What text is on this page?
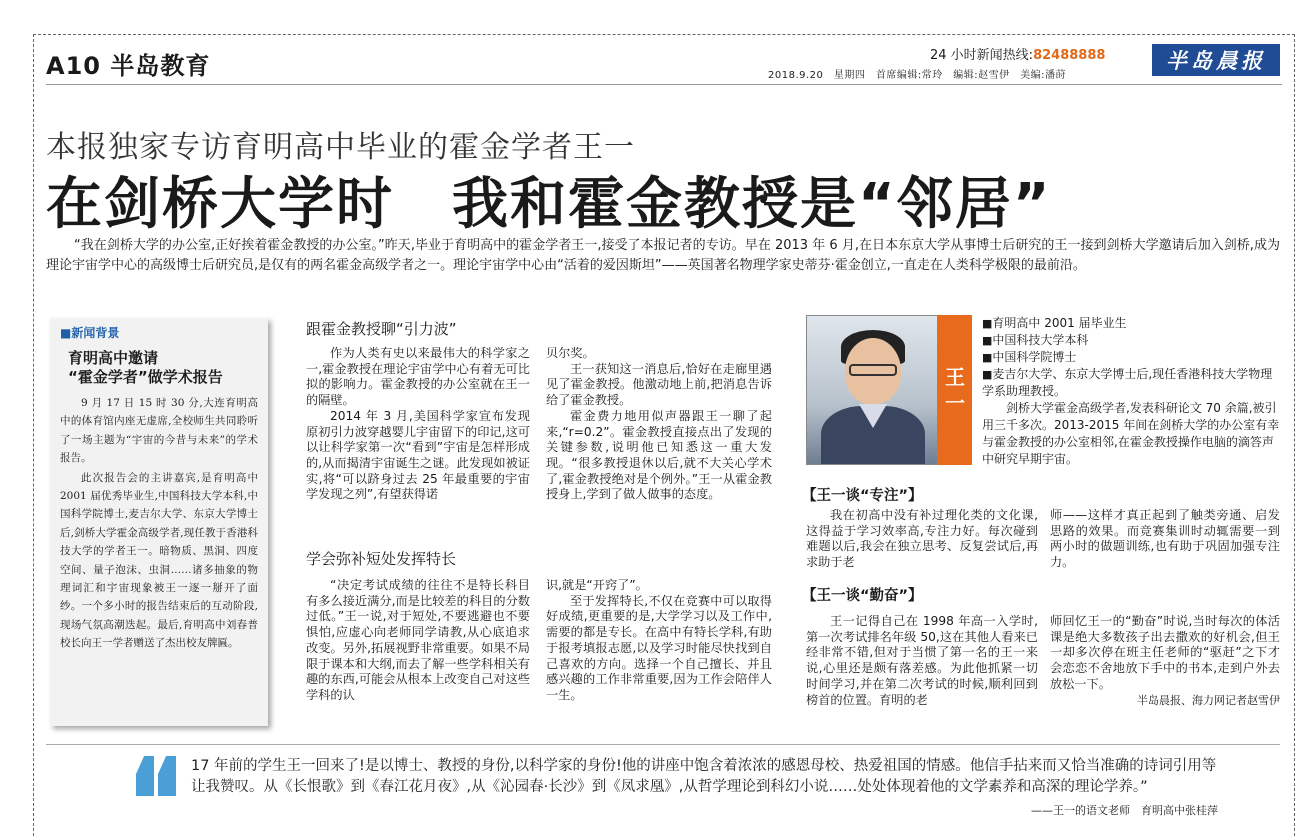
A10 半岛教育	24 小时新闻热线:82488888
2018.9.20　星期四　首席编辑:常玲　编辑:赵雪伊　美编:潘莳
半岛晨报
本报独家专访育明高中毕业的霍金学者王一
在剑桥大学时　我和霍金教授是“邻居”
“我在剑桥大学的办公室,正好挨着霍金教授的办公室。”昨天,毕业于育明高中的霍金学者王一,接受了本报记者的专访。早在 2013 年 6 月,在日本东京大学从事博士后研究的王一接到剑桥大学邀请后加入剑桥,成为理论宇宙学中心的高级博士后研究员,是仅有的两名霍金高级学者之一。理论宇宙学中心由“活着的爱因斯坦”——英国著名物理学家史蒂芬·霍金创立,一直走在人类科学极限的最前沿。
■新闻背景
育明高中邀请
“霍金学者”做学术报告

9 月 17 日 15 时 30 分,大连育明高中的体育馆内座无虚席,全校师生共同聆听了一场主题为“宇宙的今昔与未来”的学术报告。

此次报告会的主讲嘉宾,是育明高中 2001 届优秀毕业生,中国科技大学本科,中国科学院博士,麦吉尔大学、东京大学博士后,剑桥大学霍金高级学者,现任教于香港科技大学的学者王一。暗物质、黑洞、四度空间、量子泡沫、虫洞……诸多抽象的物理词汇和宇宙现象被王一逐一掰开了面纱。一个多小时的报告结束后的互动阶段,现场气氛高潮迭起。最后,育明高中刘春普校长向王一学者赠送了杰出校友牌匾。

跟霍金教授聊“引力波”

作为人类有史以来最伟大的科学家之一,霍金教授在理论宇宙学中心有着无可比拟的影响力。霍金教授的办公室就在王一的隔壁。

2014 年 3 月,美国科学家宣布发现原初引力波穿越婴儿宇宙留下的印记,这可以让科学家第一次“看到”宇宙是怎样形成的,从而揭清宇宙诞生之谜。此发现如被证实,将“可以跻身过去 25 年最重要的宇宙学发现之列”,有望获得诺

贝尔奖。

王一获知这一消息后,恰好在走廊里遇见了霍金教授。他激动地上前,把消息告诉给了霍金教授。

霍金费力地用似声器跟王一聊了起来,“r=0.2”。霍金教授直接点出了发现的关键参数,说明他已知悉这一重大发现。“很多教授退休以后,就不大关心学术了,霍金教授绝对是个例外。”王一从霍金教授身上,学到了做人做事的态度。

学会弥补短处发挥特长

“决定考试成绩的往往不是特长科目有多么接近满分,而是比较差的科目的分数过低。”王一说,对于短处,不要逃避也不要惧怕,应虚心向老师同学请教,从心底追求改变。另外,拓展视野非常重要。如果不局限于课本和大纲,而去了解一些学科相关有趣的东西,可能会从根本上改变自己对这些学科的认

识,就是“开窍了”。

至于发挥特长,不仅在竞赛中可以取得好成绩,更重要的是,大学学习以及工作中,需要的都是专长。在高中有特长学科,有助于报考填报志愿,以及学习时能尽快找到自己喜欢的方向。选择一个自己擅长、并且感兴趣的工作非常重要,因为工作会陪伴人一生。

王
一
■ 育明高中 2001 届毕业生
■ 中国科技大学本科
■ 中国科学院博士
■ 麦吉尔大学、东京大学博士后,现任香港科技大学物理学系助理教授。
剑桥大学霍金高级学者,发表科研论文 70 余篇,被引用三千多次。2013-2015 年间在剑桥大学的办公室有幸与霍金教授的办公室相邻,在霍金教授操作电脑的滴答声中研究早期宇宙。
【王一谈“专注”】

我在初高中没有补过理化类的文化课,这得益于学习效率高,专注力好。每次碰到难题以后,我会在独立思考、反复尝试后,再求助于老

师——这样才真正起到了触类旁通、启发思路的效果。而竞赛集训时动辄需要一到两小时的做题训练,也有助于巩固加强专注力。

【王一谈“勤奋”】

王一记得自己在 1998 年高一入学时,第一次考试排名年级 50,这在其他人看来已经非常不错,但对于当惯了第一名的王一来说,心里还是颇有落差感。为此他抓紧一切时间学习,并在第二次考试的时候,顺利回到榜首的位置。育明的老

师回忆王一的“勤奋”时说,当时每次的体活课是绝大多数孩子出去撒欢的好机会,但王一却多次停在班主任老师的“驱赶”之下才会恋恋不舍地放下手中的书本,走到户外去放松一下。

半岛晨报、海力网记者赵雪伊

17 年前的学生王一回来了!是以博士、教授的身份,以科学家的身份!他的讲座中饱含着浓浓的感恩母校、热爱祖国的情感。他信手拈来而又恰当准确的诗词引用等让我赞叹。从《长恨歌》到《春江花月夜》,从《沁园春·长沙》到《凤求凰》,从哲学理论到科幻小说……处处体现着他的文学素养和高深的理论学养。”
——王一的语文老师　育明高中张桂萍
